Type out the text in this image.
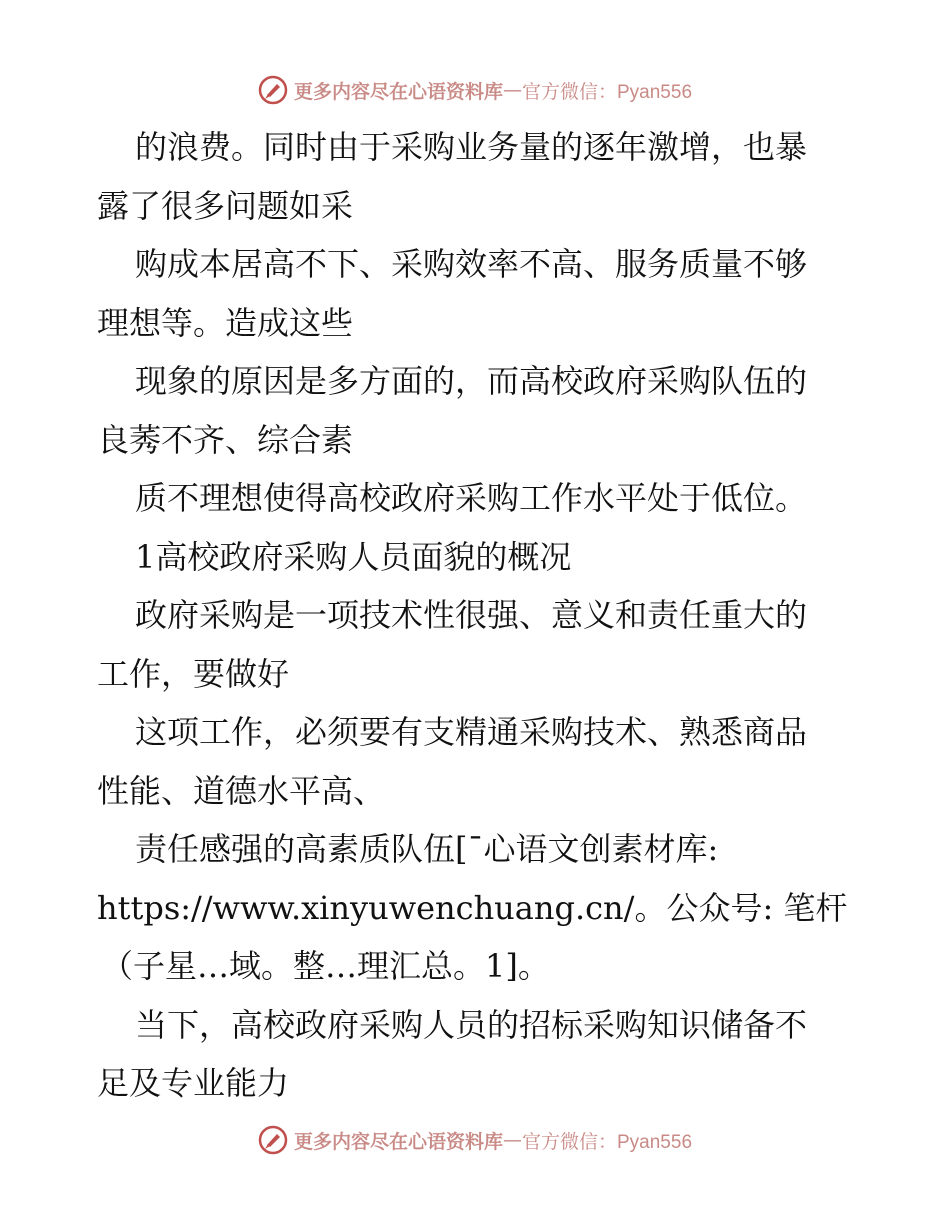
更多内容尽在心语资料库 — 官方微信：Pyan556
的浪费。同时由于采购业务量的逐年激增，也暴
露了很多问题如采
购成本居高不下、采购效率不高、服务质量不够
理想等。造成这些
现象的原因是多方面的，而高校政府采购队伍的
良莠不齐、综合素
质不理想使得高校政府采购工作水平处于低位。
1高校政府采购人员面貌的概况
政府采购是一项技术性很强、意义和责任重大的
工作，要做好
这项工作，必须要有支精通采购技术、熟悉商品
性能、道德水平高、
责任感强的高素质队伍[¯心语文创素材库:
https://www.xinyuwenchuang.cn/。公众号: 笔杆
（子星…域。整…理汇总。1]。
当下，高校政府采购人员的招标采购知识储备不
足及专业能力
更多内容尽在心语资料库 — 官方微信：Pyan556
